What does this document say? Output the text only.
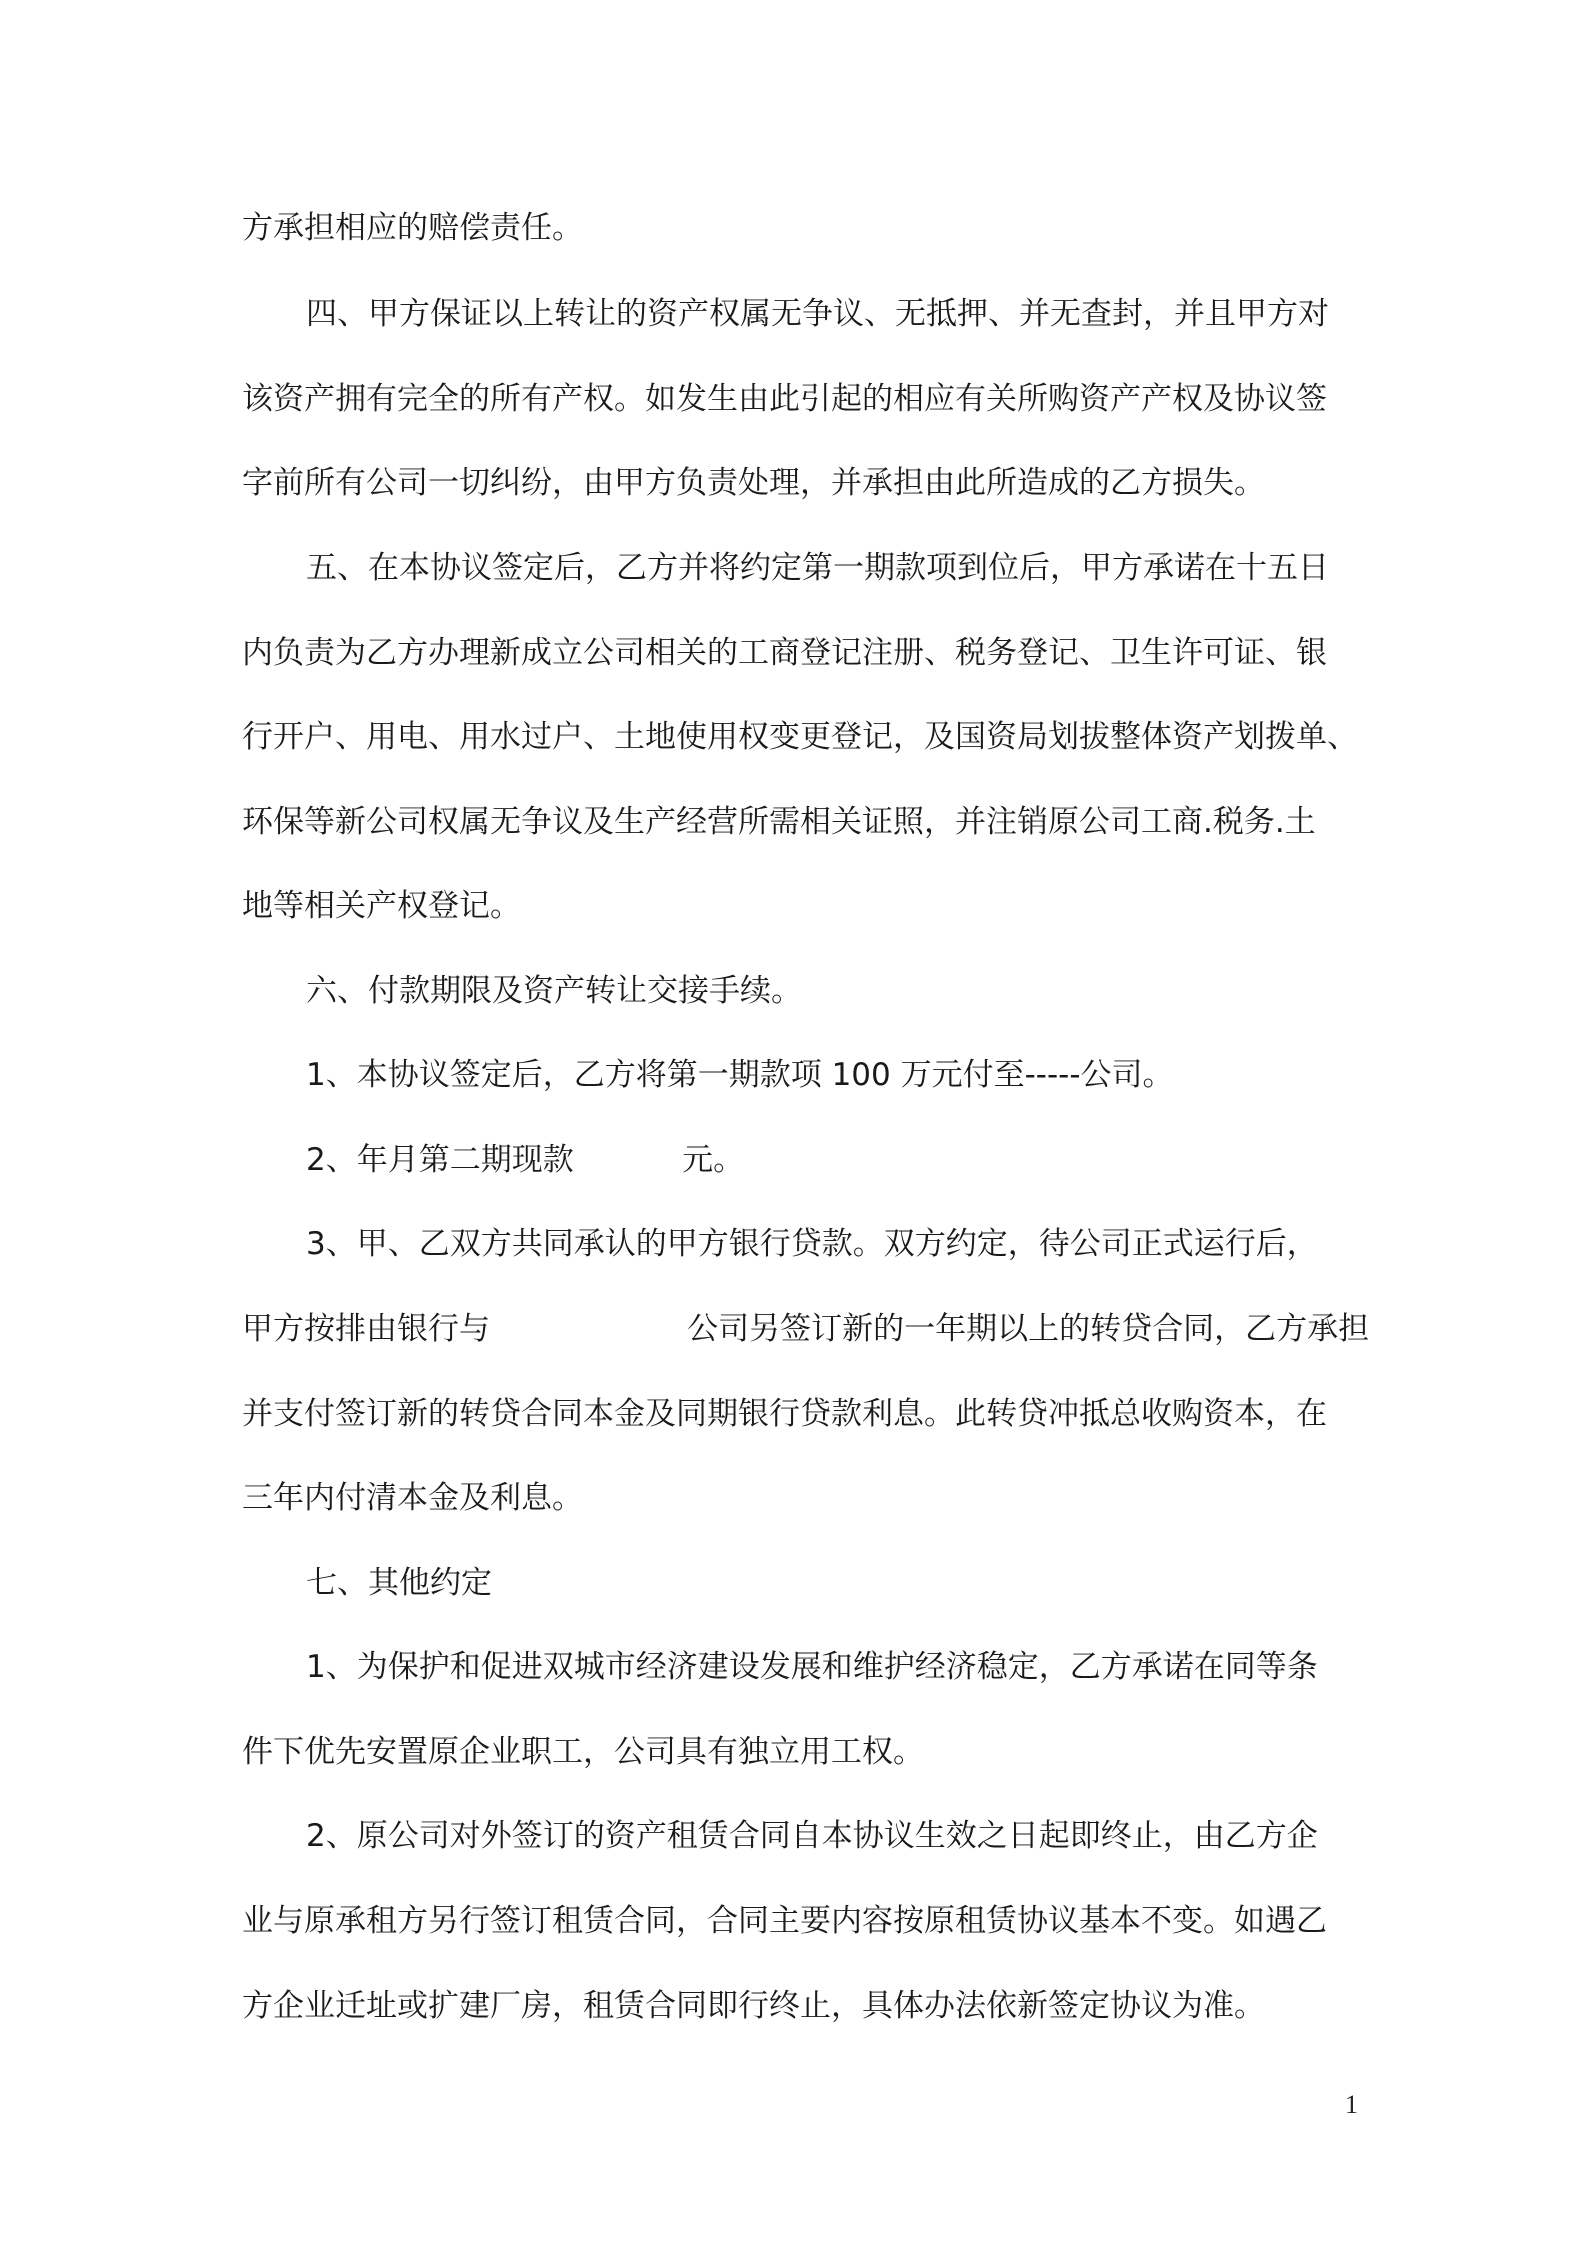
方承担相应的赔偿责任。
四、甲方保证以上转让的资产权属无争议、无抵押、并无查封，并且甲方对
该资产拥有完全的所有产权。如发生由此引起的相应有关所购资产产权及协议签
字前所有公司一切纠纷，由甲方负责处理，并承担由此所造成的乙方损失。
五、在本协议签定后，乙方并将约定第一期款项到位后，甲方承诺在十五日
内负责为乙方办理新成立公司相关的工商登记注册、税务登记、卫生许可证、银
行开户、用电、用水过户、土地使用权变更登记，及国资局划拔整体资产划拨单、
环保等新公司权属无争议及生产经营所需相关证照，并注销原公司工商.税务.土
地等相关产权登记。
六、付款期限及资产转让交接手续。
1、本协议签定后，乙方将第一期款项 100 万元付至-----公司。
2、年月第二期现款           元。
3、甲、乙双方共同承认的甲方银行贷款。双方约定，待公司正式运行后，
甲方按排由银行与                    公司另签订新的一年期以上的转贷合同，乙方承担
并支付签订新的转贷合同本金及同期银行贷款利息。此转贷冲抵总收购资本，在
三年内付清本金及利息。
七、其他约定
1、为保护和促进双城市经济建设发展和维护经济稳定，乙方承诺在同等条
件下优先安置原企业职工，公司具有独立用工权。
2、原公司对外签订的资产租赁合同自本协议生效之日起即终止，由乙方企
业与原承租方另行签订租赁合同，合同主要内容按原租赁协议基本不变。如遇乙
方企业迁址或扩建厂房，租赁合同即行终止，具体办法依新签定协议为准。
1
